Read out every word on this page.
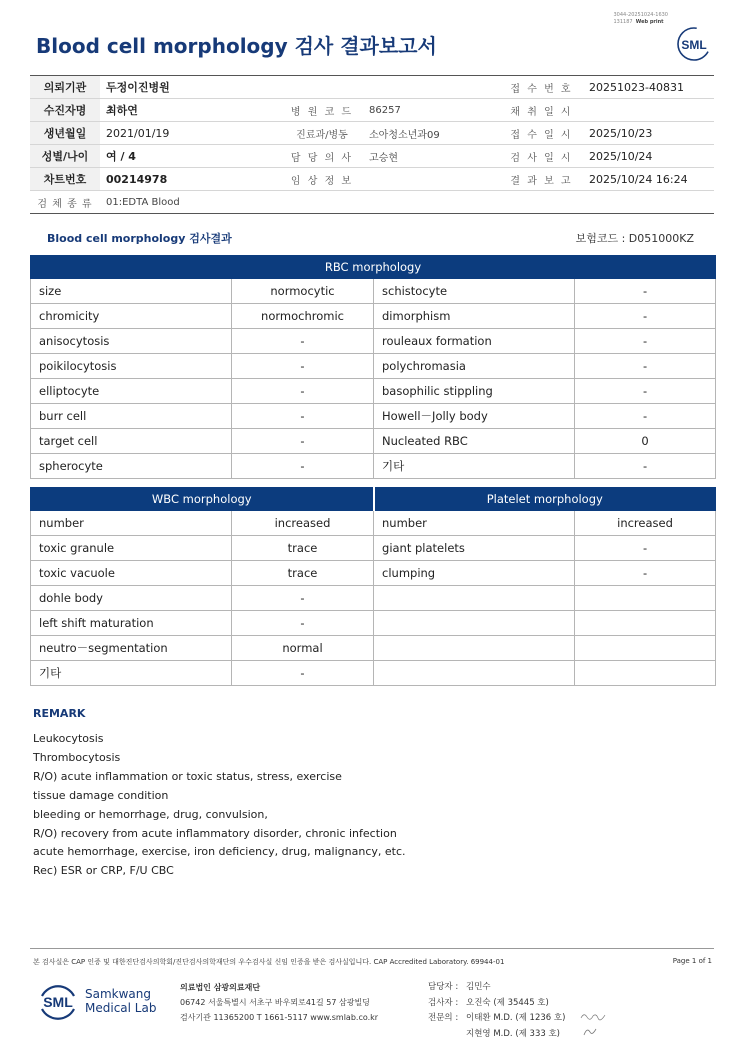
3044-20251024-1630
131187 Web print
Blood cell morphology 검사 결과보고서	SML
의뢰기관	두정이진병원			접 수 번 호	20251023-40831
수진자명	최하연	병 원 코 드	86257	채 취 일 시	
생년월일	2021/01/19	진료과/병동	소아청소년과09	접 수 일 시	2025/10/23
성별/나이	여 / 4	담 당 의 사	고승현	검 사 일 시	2025/10/24
차트번호	00214978	임 상 정 보		결 과 보 고	2025/10/24 16:24
검 체 종 류	01:EDTA Blood				
Blood cell morphology 검사결과	보험코드 : D051000KZ
RBC morphology			
size	normocytic	schistocyte	-
chromicity	normochromic	dimorphism	-
anisocytosis	-	rouleaux formation	-
poikilocytosis	-	polychromasia	-
elliptocyte	-	basophilic stippling	-
burr cell	-	Howell－Jolly body	-
target cell	-	Nucleated RBC	0
spherocyte	-	기타	-
WBC morphology		Platelet morphology	
number	increased	number	increased
toxic granule	trace	giant platelets	-
toxic vacuole	trace	clumping	-
dohle body	-		
left shift maturation	-		
neutro－segmentation	normal		
기타	-		
REMARK
Leukocytosis
Thrombocytosis
R/O) acute inflammation or toxic status, stress, exercise
tissue damage condition
bleeding or hemorrhage, drug, convulsion,
R/O) recovery from acute inflammatory disorder, chronic infection
acute hemorrhage, exercise, iron deficiency, drug, malignancy, etc.
Rec) ESR or CRP, F/U CBC
본 검사실은 CAP 인증 및 대한진단검사의학회/진단검사의학재단의 우수검사실 신임 인증을 받은 검사실입니다. CAP Accredited Laboratory. 69944-01	Page 1 of 1
SML Samkwang
Medical Lab
의료법인 삼광의료재단
06742 서울특별시 서초구 바우뫼로41길 57 삼광빌딩
검사기관 11365200 T 1661-5117 www.smlab.co.kr
담당자 : 김민수
검사자 : 오진숙 (제 35445 호)
전문의 : 이태환 M.D. (제 1236 호)
지현영 M.D. (제 333 호)
